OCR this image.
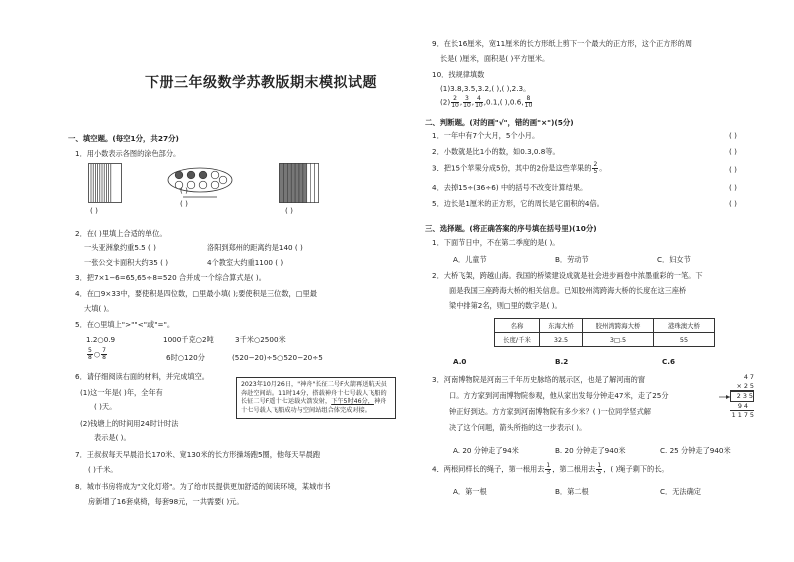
下册三年级数学苏教版期末模拟试题
一、填空题。(每空1分，共27分)
1．用小数表示各图的涂色部分。
( )
( )
( )
( )
2．在( )里填上合适的单位。
一头亚洲象约重5.5 ( )	洛阳到郑州的距离约是140 ( )
一张公交卡面积大约35 ( )	4个教室大约重1100 ( )
3．把7×1−6=65,65÷8=520 合并成一个综合算式是( )。
4．在□9×33中，要使积是四位数，□里最小填( );要使积是三位数，□里最
大填( )。
5．在○里填上">""<"或"="。
1.2○0.9	1000千克○2吨	3千米○2500米
$\frac{5}{8}$ ○ $\frac{7}{8}$	6时○120分	(520−20)÷5○520−20÷5
6．请仔细阅读右面的材料，并完成填空。
(1)这一年是( )年，全年有
( )天。
(2)钱塘上的时间用24时计时法
表示是( )。
2023年10月26日，"神舟"长征二号F火箭再送航天员奔赴空间站。11时14分，搭载神舟十七号载人飞船的长征二号F遥十七运载火箭发射，下午5时46分，神舟十七号载人飞船成功与空间站组合体完成对接。
7．王叔叔每天早晨沿长170米、宽130米的长方形操场跑5圈，他每天早晨跑
( )千米。
8．城市书房将成为"文化灯塔"。为了给市民提供更加舒适的阅读环境，某城市书
房新增了16套桌椅，每套98元，一共需要( )元。
9．在长16厘米，宽11厘米的长方形纸上剪下一个最大的正方形，这个正方形的周
长是( )厘米，面积是( )平方厘米。
10．找规律填数
(1)3.8,3.5,3.2,( ),( ),2.3。
$(2) \frac{2}{10}$ , $\frac{3}{10}$ , $\frac{4}{10} ,0.1$,( ),0.6, $\frac{8}{10}$
二、判断题。(对的画"√"，错的画"×")(5分)
1．一年中有7个大月，5个小月。
2．小数就是比1小的数，如0.3,0.8等。
3．把15个苹果分成5份，其中的2份是这些苹果的 $\frac{2}{5}$ 。
4．去掉15÷(36÷6) 中的括号不改变计算结果。
5．边长是1厘米的正方形，它的周长是它面积的4倍。
( )
( )
( )
( )
( )
三、选择题。(将正确答案的序号填在括号里)(10分)
1．下面节日中，不在第二季度的是( )。
A．儿童节	B．劳动节	C．妇女节
2．大桥飞架，跨越山海。我国的桥梁建设成就是社会进步画卷中浓墨重彩的一笔。下
面是我国三座跨海大桥的相关信息。已知胶州湾跨海大桥的长度在这三座桥
梁中排第2名，则□里的数字是( )。
名称	东海大桥	胶州湾跨海大桥	港珠澳大桥
长度/千米	32.5	3□.5	55
A.0	B.2	C.6
3．河南博物院是河南三千年历史脉络的展示区，也是了解河南的窗
口。方方家到河南博物院参观，他从家出发每分钟走47米，走了25分
钟正好到达。方方家到河南博物院有多少米？( )一位同学竖式解
决了这个问题，箭头所指的这一步表示( )。
4 7
× 2 5
2 3 5
9 4
1 1 7 5
A. 20 分钟走了94米	B. 20 分钟走了940米	C. 25 分钟走了940米
4．两根同样长的绳子，第一根用去 $\frac{1}{3}$ ，第二根用去 $\frac{1}{5}$ ，( )绳子剩下的长。
A．第一根	B．第二根	C．无法确定
